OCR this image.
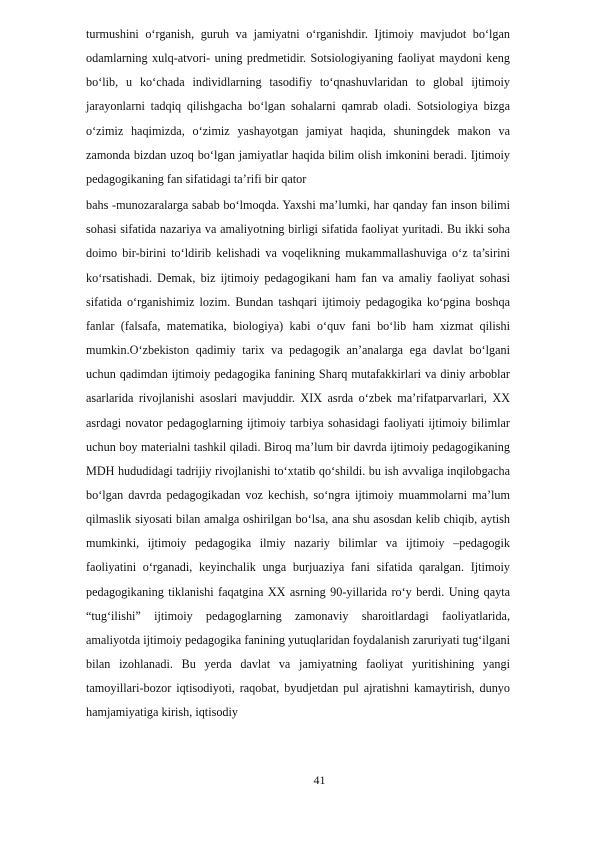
turmushini o‘rganish, guruh va jamiyatni o‘rganishdir. Ijtimoiy mavjudot bo‘lgan odamlarning xulq-atvori- uning predmetidir. Sotsiologiyaning faoliyat maydoni keng bo‘lib, u ko‘chada individlarning tasodifiy to‘qnashuvlaridan to global ijtimoiy jarayonlarni tadqiq qilishgacha bo‘lgan sohalarni qamrab oladi. Sotsiologiya bizga o‘zimiz haqimizda, o‘zimiz yashayotgan jamiyat haqida, shuningdek makon va zamonda bizdan uzoq bo‘lgan jamiyatlar haqida bilim olish imkonini beradi. Ijtimoiy pedagogikaning fan sifatidagi ta’rifi bir qator

bahs -munozaralarga sabab bo‘lmoqda. Yaxshi ma’lumki, har qanday fan inson bilimi sohasi sifatida nazariya va amaliyotning birligi sifatida faoliyat yuritadi. Bu ikki soha doimo bir-birini to‘ldirib kelishadi va voqelikning mukammallashuviga o‘z ta’sirini ko‘rsatishadi. Demak, biz ijtimoiy pedagogikani ham fan va amaliy faoliyat sohasi sifatida o‘rganishimiz lozim. Bundan tashqari ijtimoiy pedagogika ko‘pgina boshqa fanlar (falsafa, matematika, biologiya) kabi o‘quv fani bo‘lib ham xizmat qilishi mumkin.O‘zbekiston qadimiy tarix va pedagogik an’analarga ega davlat bo‘lgani uchun qadimdan ijtimoiy pedagogika fanining Sharq mutafakkirlari va diniy arboblar asarlarida rivojlanishi asoslari mavjuddir. XIX asrda o‘zbek ma’rifatparvarlari, XX asrdagi novator pedagoglarning ijtimoiy tarbiya sohasidagi faoliyati ijtimoiy bilimlar uchun boy materialni tashkil qiladi. Biroq ma’lum bir davrda ijtimoiy pedagogikaning MDH hududidagi tadrijiy rivojlanishi to‘xtatib qo‘shildi. bu ish avvaliga inqilobgacha bo‘lgan davrda pedagogikadan voz kechish, so‘ngra ijtimoiy muammolarni ma’lum qilmaslik siyosati bilan amalga oshirilgan bo‘lsa, ana shu asosdan kelib chiqib, aytish mumkinki, ijtimoiy pedagogika ilmiy nazariy bilimlar va ijtimoiy –pedagogik faoliyatini o‘rganadi, keyinchalik unga burjuaziya fani sifatida qaralgan. Ijtimoiy pedagogikaning tiklanishi faqatgina XX asrning 90-yillarida ro‘y berdi. Uning qayta “tug‘ilishi” ijtimoiy pedagoglarning zamonaviy sharoitlardagi faoliyatlarida, amaliyotda ijtimoiy pedagogika fanining yutuqlaridan foydalanish zaruriyati tug‘ilgani bilan izohlanadi. Bu yerda davlat va jamiyatning faoliyat yuritishining yangi tamoyillari-bozor iqtisodiyoti, raqobat, byudjetdan pul ajratishni kamaytirish, dunyo hamjamiyatiga kirish, iqtisodiy

41
